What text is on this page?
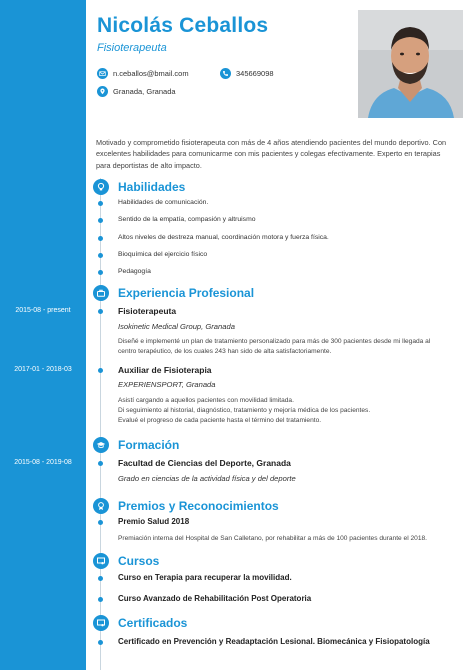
Nicolás Ceballos
Fisioterapeuta
n.ceballos@bmail.com	345669098
Granada, Granada
Motivado y comprometido fisioterapeuta con más de 4 años atendiendo pacientes del mundo deportivo. Con excelentes habilidades para comunicarme con mis pacientes y colegas efectivamente. Experto en terapias para deportistas de alto impacto.
Habilidades
Habilidades de comunicación.
Sentido de la empatía, compasión y altruismo
Altos niveles de destreza manual, coordinación motora y fuerza física.
Bioquímica del ejercicio físico
Pedagogía
Experiencia Profesional
2015-08 - present	Fisioterapeuta
Isokinetic Medical Group, Granada
Diseñé e implementé un plan de tratamiento personalizado para más de 300 pacientes desde mi llegada al
centro terapéutico, de los cuales 243 han sido de alta satisfactoriamente.
2017-01 - 2018-03	Auxiliar de Fisioterapia
EXPERIENSPORT, Granada
Asistí cargando a aquellos pacientes con movilidad limitada.
Di seguimiento al historial, diagnóstico, tratamiento y mejoría médica de los pacientes.
Evalué el progreso de cada paciente hasta el término del tratamiento.
Formación
2015-08 - 2019-08	Facultad de Ciencias del Deporte, Granada
Grado en ciencias de la actividad física y del deporte
Premios y Reconocimientos
Premio Salud 2018
Premiación interna del Hospital de San Calletano, por rehabilitar a más de 100 pacientes durante el 2018.
Cursos
Curso en Terapia para recuperar la movilidad.
Curso Avanzado de Rehabilitación Post Operatoria
Certificados
Certificado en Prevención y Readaptación Lesional. Biomecánica y Fisiopatología
